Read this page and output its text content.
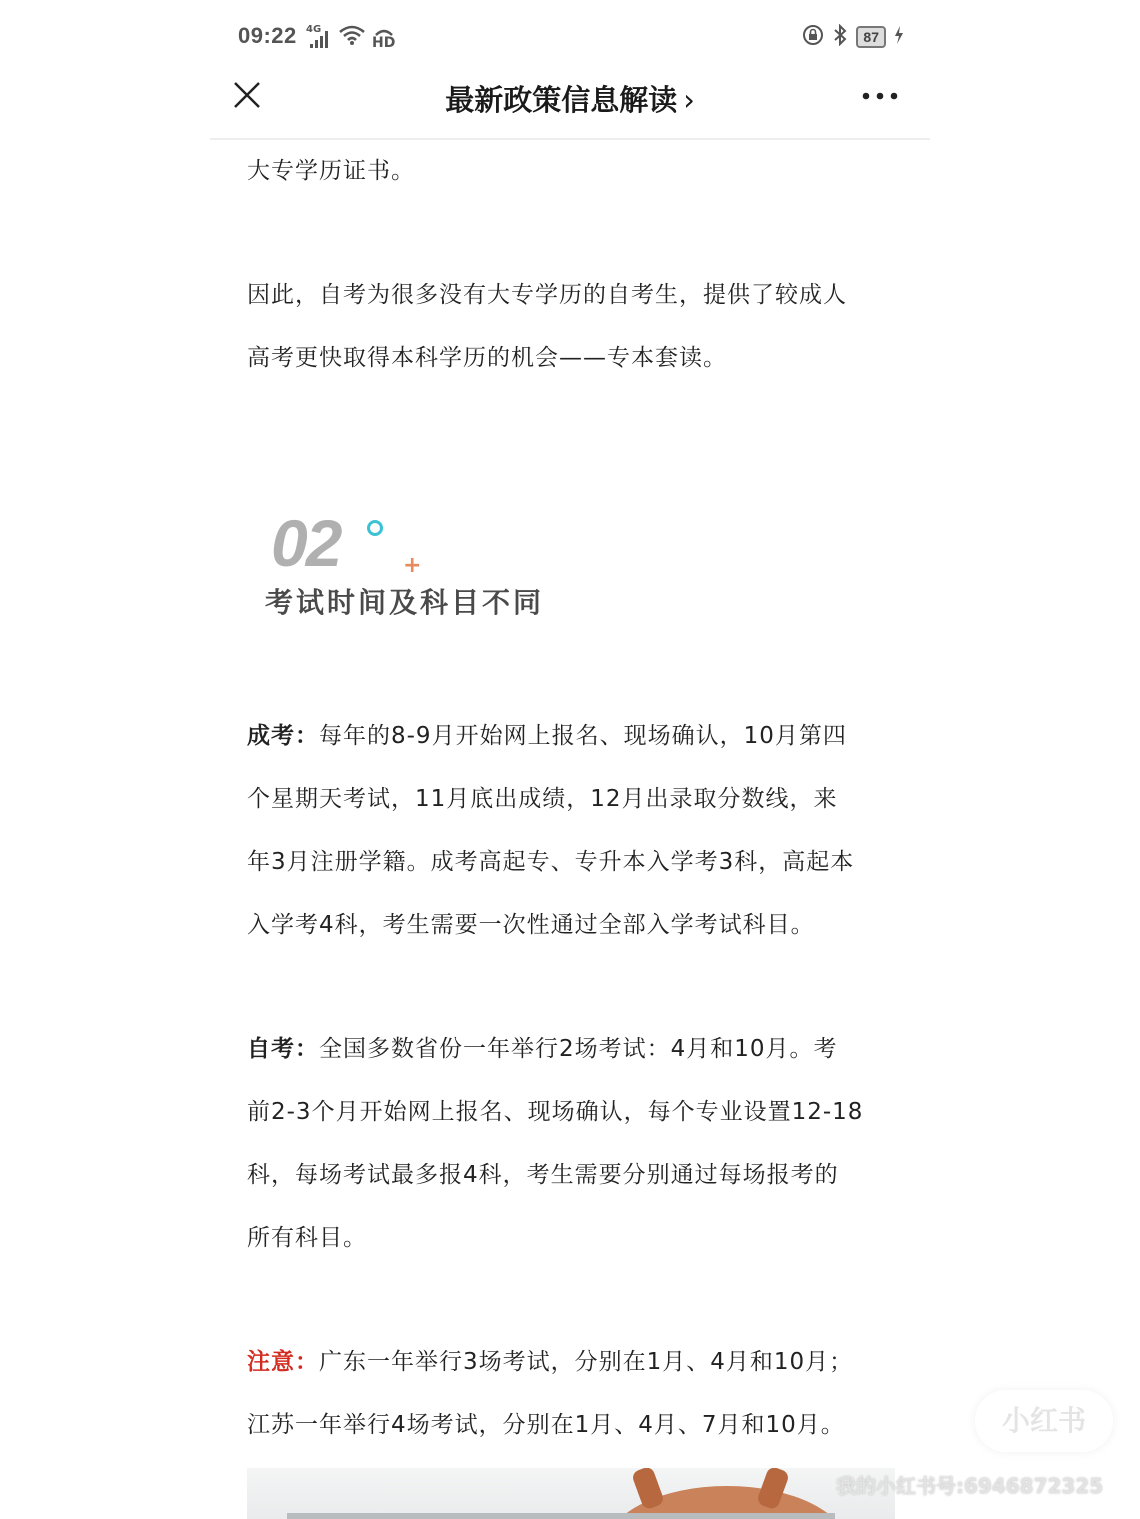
09:22 4G
HD	87
最新政策信息解读 ›

大专学历证书。

因此，自考为很多没有大专学历的自考生，提供了较成人

高考更快取得本科学历的机会——专本套读。

成考：每年的8-9月开始网上报名、现场确认，10月第四

个星期天考试，11月底出成绩，12月出录取分数线，来

年3月注册学籍。成考高起专、专升本入学考3科，高起本

入学考4科，考生需要一次性通过全部入学考试科目。

自考：全国多数省份一年举行2场考试：4月和10月。考

前2-3个月开始网上报名、现场确认，每个专业设置12-18

科，每场考试最多报4科，考生需要分别通过每场报考的

所有科目。

注意：广东一年举行3场考试，分别在1月、4月和10月；

江苏一年举行4场考试，分别在1月、4月、7月和10月。

02	+
考试时间及科目不同
小红书
我的小红书号:6946872325
